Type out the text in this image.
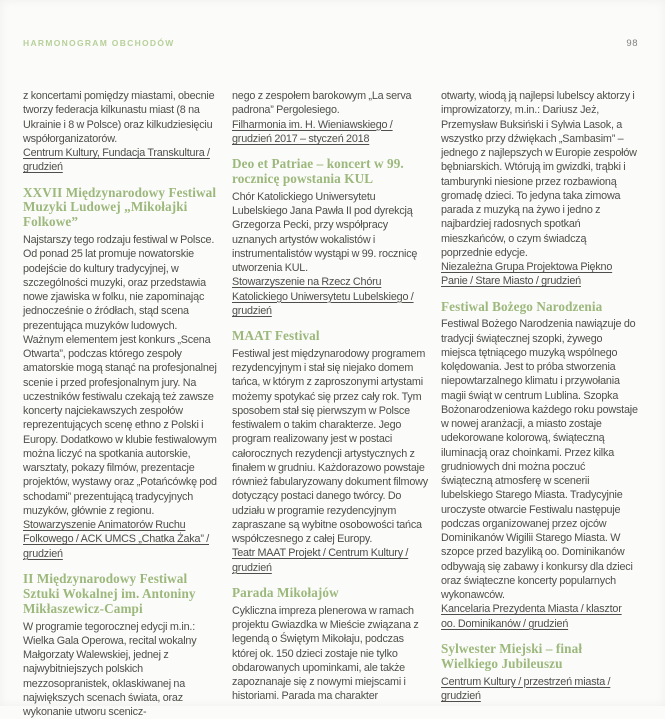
HARMONOGRAM OBCHODÓW	98

z koncertami pomiędzy miastami, obecnie tworzy federacja kilkunastu miast (8 na Ukrainie i 8 w Polsce) oraz kilkudziesięciu współorganizatorów.

Centrum Kultury, Fundacja Transkultura / grudzień

XXVII Międzynarodowy Festiwal Muzyki Ludowej „Mikołajki Folkowe”

Najstarszy tego rodzaju festiwal w Polsce. Od ponad 25 lat promuje nowatorskie podejście do kultury tradycyjnej, w szczególności muzyki, oraz przedstawia nowe zjawiska w folku, nie zapominając jednocześnie o źródłach, stąd scena prezentująca muzyków ludowych. Ważnym elementem jest konkurs „Scena Otwarta”, podczas którego zespoły amatorskie mogą stanąć na profesjonalnej scenie i przed profesjonalnym jury. Na uczestników festiwalu czekają też zawsze koncerty najciekawszych zespołów reprezentujących scenę ethno z Polski i Europy. Dodatkowo w klubie festiwalowym można liczyć na spotkania autorskie, warsztaty, pokazy filmów, prezentacje projektów, wystawy oraz „Potańcówkę pod schodami” prezentującą tradycyjnych muzyków, głównie z regionu.

Stowarzyszenie Animatorów Ruchu Folkowego / ACK UMCS „Chatka Żaka” / grudzień

II Międzynarodowy Festiwal Sztuki Wokalnej im. Antoniny Mikłaszewicz-Campi

W programie tegorocznej edycji m.in.: Wielka Gala Operowa, recital wokalny Małgorzaty Walewskiej, jednej z najwybitniejszych polskich mezzosopranistek, oklaskiwanej na największych scenach świata, oraz wykonanie utworu scenicz-

nego z zespołem barokowym „La serva padrona” Pergolesiego.

Filharmonia im. H. Wieniawskiego / grudzień 2017 – styczeń 2018

Deo et Patriae – koncert w 99. rocznicę powstania KUL

Chór Katolickiego Uniwersytetu Lubelskiego Jana Pawła II pod dyrekcją Grzegorza Pecki, przy współpracy uznanych artystów wokalistów i instrumentalistów wystąpi w 99. rocznicę utworzenia KUL.

Stowarzyszenie na Rzecz Chóru Katolickiego Uniwersytetu Lubelskiego / grudzień

MAAT Festival

Festiwal jest międzynarodowy programem rezydencyjnym i stał się niejako domem tańca, w którym z zaproszonymi artystami możemy spotykać się przez cały rok. Tym sposobem stał się pierwszym w Polsce festiwalem o takim charakterze. Jego program realizowany jest w postaci całorocznych rezydencji artystycznych z finałem w grudniu. Każdorazowo powstaje również fabularyzowany dokument filmowy dotyczący postaci danego twórcy. Do udziału w programie rezydencyjnym zapraszane są wybitne osobowości tańca współczesnego z całej Europy.

Teatr MAAT Projekt / Centrum Kultury / grudzień

Parada Mikołajów

Cykliczna impreza plenerowa w ramach projektu Gwiazdka w Mieście związana z legendą o Świętym Mikołaju, podczas której ok. 150 dzieci zostaje nie tylko obdarowanych upominkami, ale także zapoznanaje się z nowymi miejscami i historiami. Parada ma charakter

otwarty, wiodą ją najlepsi lubelscy aktorzy i improwizatorzy, m.in.: Dariusz Jeż, Przemysław Buksiński i Sylwia Lasok, a wszystko przy dźwiękach „Sambasim” – jednego z najlepszych w Europie zespołów bębniarskich. Wtórują im gwizdki, trąbki i tamburynki niesione przez rozbawioną gromadę dzieci. To jedyna taka zimowa parada z muzyką na żywo i jedno z najbardziej radosnych spotkań mieszkańców, o czym świadczą poprzednie edycje.

Niezależna Grupa Projektowa Piękno Panie / Stare Miasto / grudzień

Festiwal Bożego Narodzenia

Festiwal Bożego Narodzenia nawiązuje do tradycji świątecznej szopki, żywego miejsca tętniącego muzyką wspólnego kolędowania. Jest to próba stworzenia niepowtarzalnego klimatu i przywołania magii świąt w centrum Lublina. Szopka Bożonarodzeniowa każdego roku powstaje w nowej aranżacji, a miasto zostaje udekorowane kolorową, świąteczną iluminacją oraz choinkami. Przez kilka grudniowych dni można poczuć świąteczną atmosferę w scenerii lubelskiego Starego Miasta. Tradycyjnie uroczyste otwarcie Festiwalu następuje podczas organizowanej przez ojców Dominikanów Wigilii Starego Miasta. W szopce przed bazyliką oo. Dominikanów odbywają się zabawy i konkursy dla dzieci oraz świąteczne koncerty popularnych wykonawców.

Kancelaria Prezydenta Miasta / klasztor oo. Dominikanów / grudzień

Sylwester Miejski – finał Wielkiego Jubileuszu

Centrum Kultury / przestrzeń miasta / grudzień
